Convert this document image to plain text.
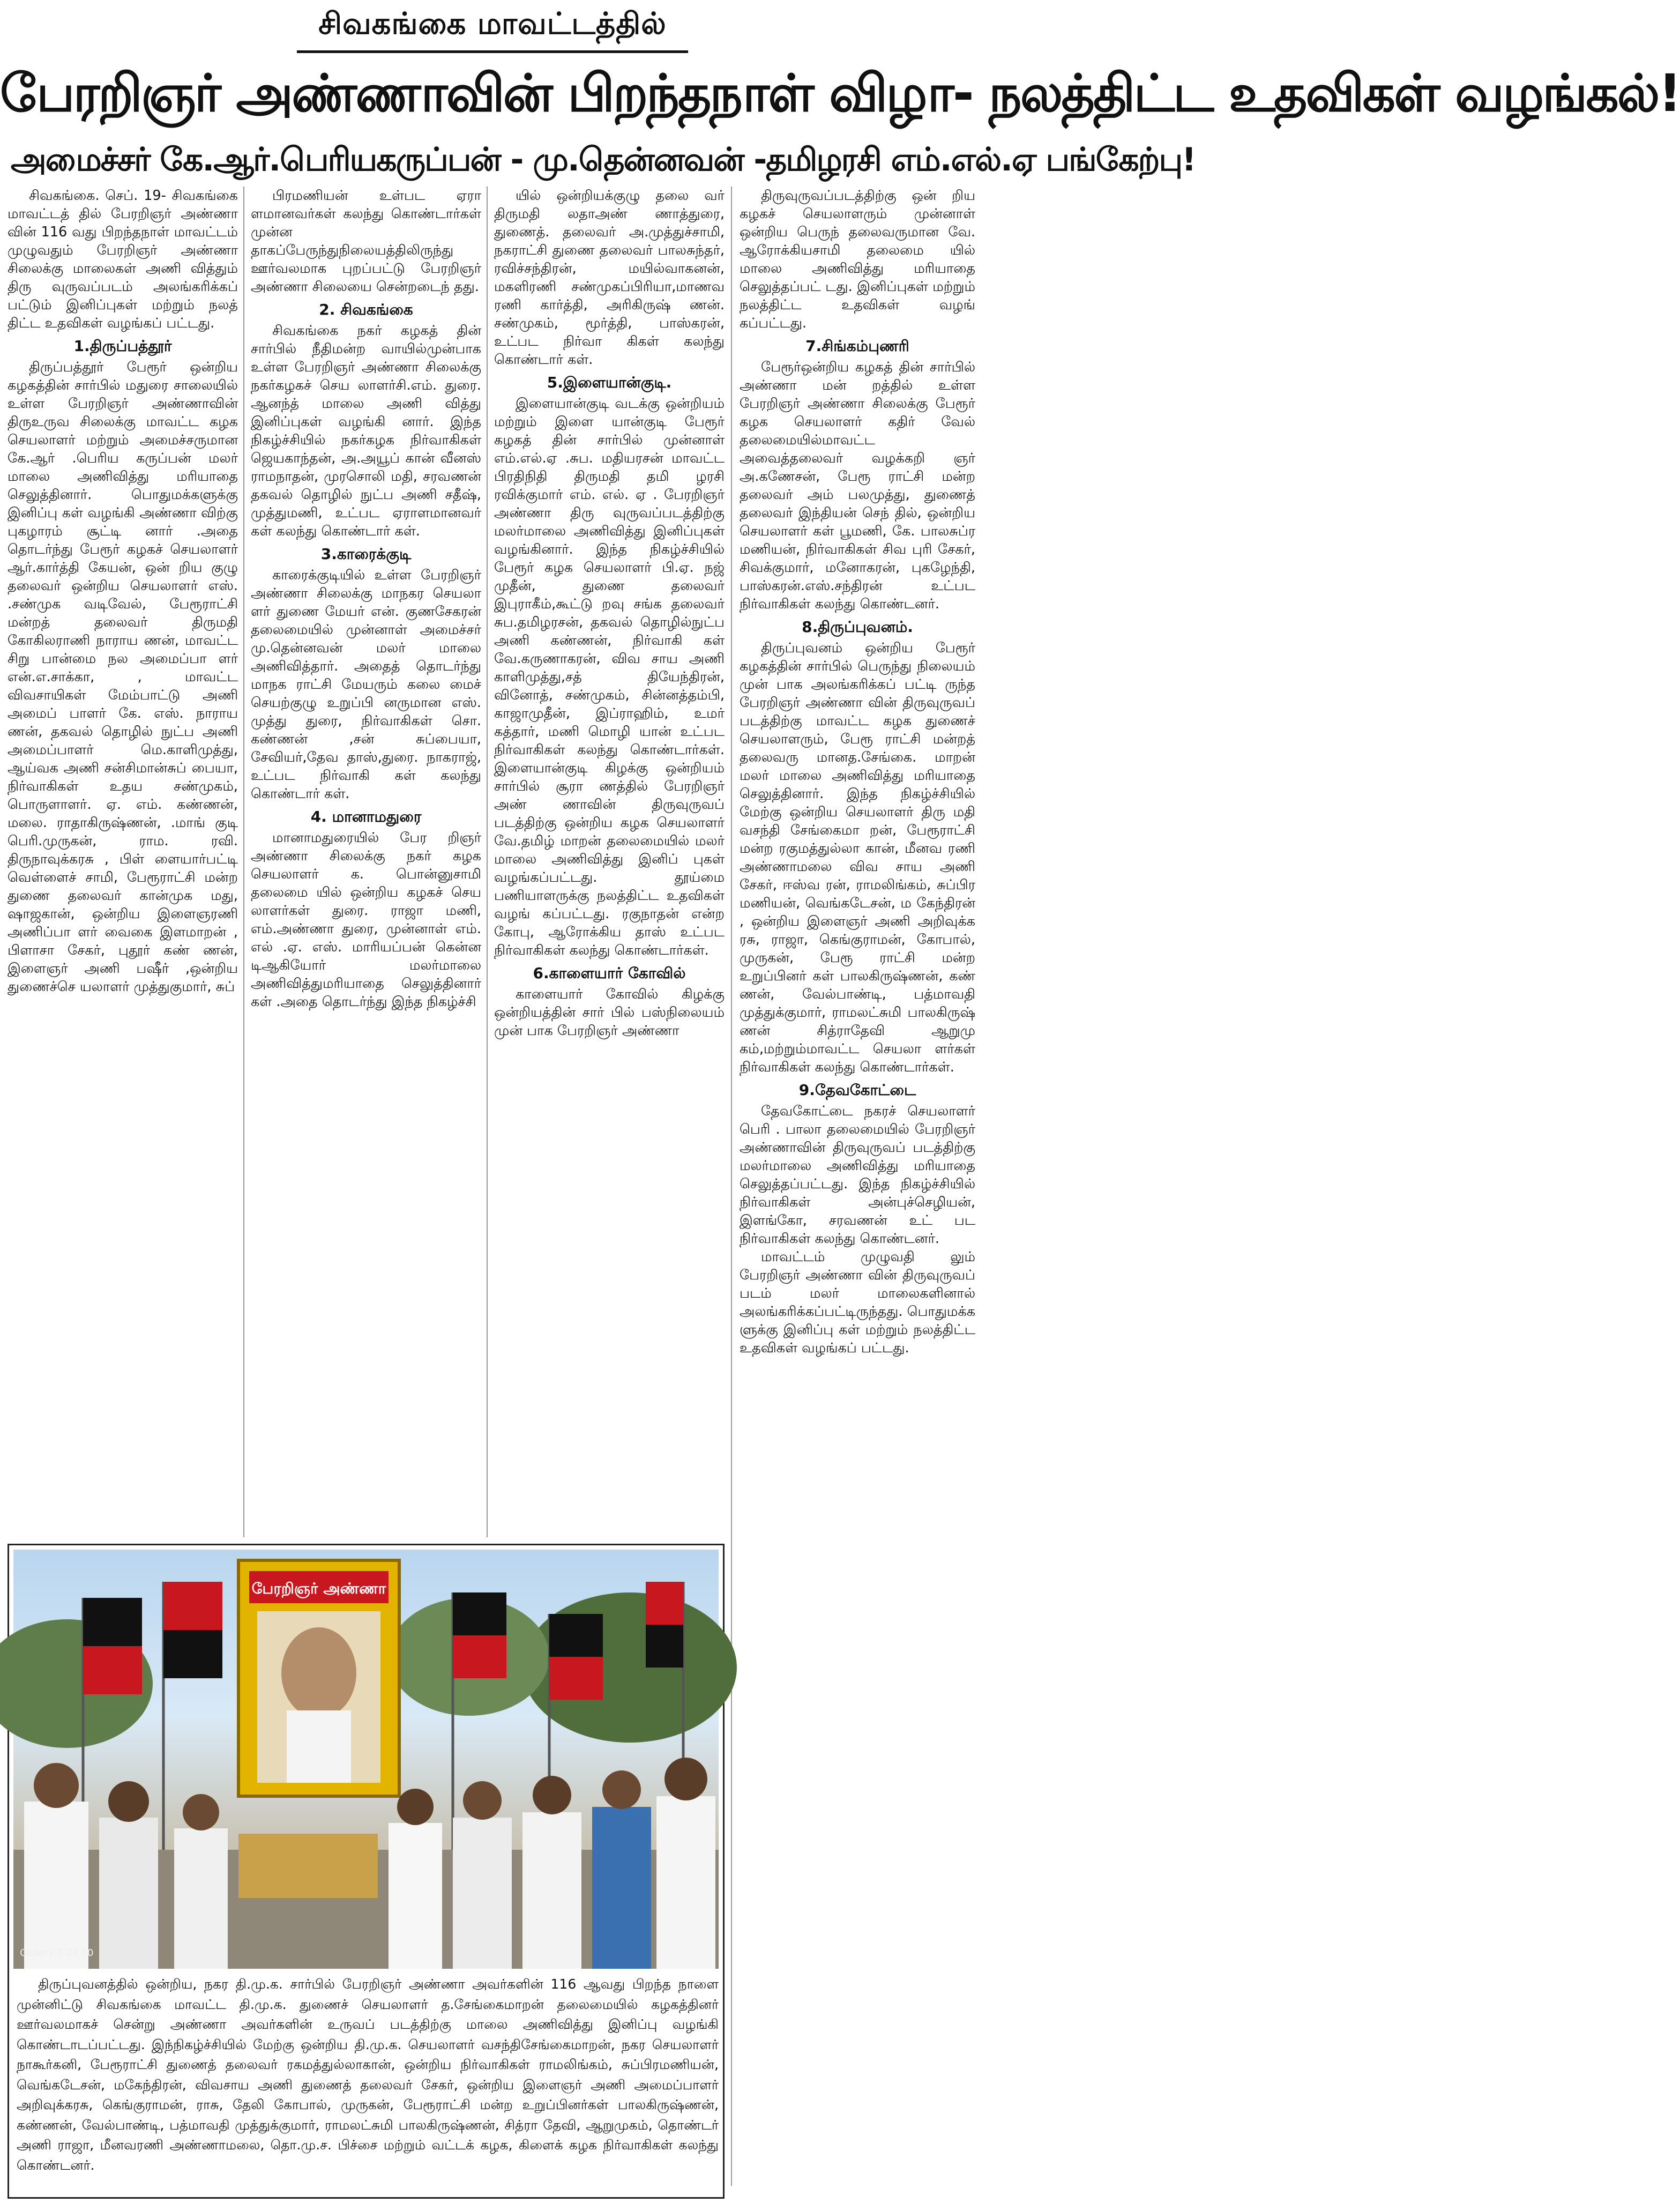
சிவகங்கை மாவட்டத்தில்
பேரறிஞர் அண்ணாவின் பிறந்தநாள் விழா- நலத்திட்ட உதவிகள் வழங்கல்!
அமைச்சர் கே.ஆர்.பெரியகருப்பன் - மு.தென்னவன் - தமிழரசி எம்.எல்.ஏ பங்கேற்பு!

சிவகங்கை. செப். 19- சிவகங்கை மாவட்டத் தில் பேரறிஞர் அண்ணா வின் 116 வது பிறந்தநாள் மாவட்டம் முழுவதும் பேரறிஞர் அண்ணா சிலைக்கு மாலைகள் அணி வித்தும் திரு வுருவப்படம் அலங்கரிக்கப் பட்டும் இனிப்புகள் மற்றும் நலத் திட்ட உதவிகள் வழங்கப் பட்டது.

1.திருப்பத்தூர்

திருப்பத்தூர் பேரூர் ஒன்றிய கழகத்தின் சார்பில் மதுரை சாலையில் உள்ள பேரறிஞர் அண்ணாவின் திருஉருவ சிலைக்கு மாவட்ட கழக செயலாளர் மற்றும் அமைச்சருமான கே.ஆர் .பெரிய கருப்பன் மலர் மாலை அணிவித்து மரியாதை செலுத்தினார். பொதுமக்களுக்கு இனிப்பு கள் வழங்கி அண்ணா விற்கு புகழாரம் சூட்டி னார் .அதை தொடர்ந்து பேரூர் கழகச் செயலாளர் ஆர்.கார்த்தி கேயன், ஒன் றிய குழு தலைவர் ஒன்றிய செயலாளர் எஸ். .சண்முக வடிவேல், பேரூராட்சி மன்றத் தலைவர் திருமதி கோகிலராணி நாராய ணன், மாவட்ட சிறு பான்மை நல அமைப்பா ளர் என்.எ.சாக்கா, , மாவட்ட விவசாயிகள் மேம்பாட்டு அணி அமைப் பாளர் கே. எஸ். நாராய ணன், தகவல் தொழில் நுட்ப அணி அமைப்பாளர் மெ.காளிமுத்து, ஆய்வக அணி சன்சிமான்சுப் பையா, நிர்வாகிகள் உதய சண்முகம், பொருளாளர். ஏ. எம். கண்ணன், மலை. ராதாகிருஷ்ணன், .மாங் குடி பெரி.முருகன், ராம. ரவி. திருநாவுக்கரசு , பிள் ளையார்பட்டி வெள்ளைச் சாமி, பேரூராட்சி மன்ற துணை தலைவர் கான்முக மது, ஷாஜகான், ஒன்றிய இளைஞரணி அணிப்பா ளர் வைகை இளமாறன் , பிளாசா சேகர், புதூர் கண் ணன், இளைஞர் அணி பஷீர் ,ஒன்றிய துணைச்செ யலாளர் முத்துகுமார், சுப்

பிரமணியன் உள்பட ஏரா ளமானவர்கள் கலந்து கொண்டார்கள் முன்ன தாகப்பேருந்துநிலையத்திலிருந்து ஊர்வலமாக புறப்பட்டு பேரறிஞர் அண்ணா சிலையை சென்றடைந் தது.

2. சிவகங்கை

சிவகங்கை நகர் கழகத் தின் சார்பில் நீதிமன்ற வாயில்முன்பாக உள்ள பேரறிஞர் அண்ணா சிலைக்கு நகர்கழகச் செய லாளர்சி.எம். துரை. ஆனந்த் மாலை அணி வித்து இனிப்புகள் வழங்கி னார். இந்த நிகழ்ச்சியில் நகர்கழக நிர்வாகிகள் ஜெயகாந்தன், அ.அயூப் கான் வீனஸ் ராமநாதன், முரசொலி மதி, சரவணன் தகவல் தொழில் நுட்ப அணி சதீஷ், முத்துமணி, உட்பட ஏராளமானவர் கள் கலந்து கொண்டார் கள்.

3.காரைக்குடி

காரைக்குடியில் உள்ள பேரறிஞர் அண்ணா சிலைக்கு மாநகர செயலா ளர் துணை மேயர் என். குணசேகரன் தலைமையில் முன்னாள் அமைச்சர் மு.தென்னவன் மலர் மாலை அணிவித்தார். அதைத் தொடர்ந்து மாநக ராட்சி மேயரும் கலை மைச் செயற்குழு உறுப்பி னருமான எஸ். முத்து துரை, நிர்வாகிகள் சொ. கண்ணன் ,சன் சுப்பையா, சேவியர்,தேவ தாஸ்,துரை. நாகராஜ், உட்பட நிர்வாகி கள் கலந்து கொண்டார் கள்.

4. மானாமதுரை

மானாமதுரையில் பேர றிஞர் அண்ணா சிலைக்கு நகர் கழக செயலாளர் க. பொன்னுசாமி தலைமை யில் ஒன்றிய கழகச் செய லாளர்கள் துரை. ராஜா மணி, எம்.அண்ணா துரை, முன்னாள் எம். எல் .ஏ. எஸ். மாரியப்பன் கென்ன டிஆகியோர் மலர்மாலை அணிவித்துமரியாதை செலுத்தினார் கள் .அதை தொடர்ந்து இந்த நிகழ்ச்சி

யில் ஒன்றியக்குழு தலை வர் திருமதி லதாஅண் ணாத்துரை, துணைத். தலைவர் அ.முத்துச்சாமி, நகராட்சி துணை தலைவர் பாலசுந்தர், ரவிச்சந்திரன், மயில்வாகனன், மகளிரணி சண்முகப்பிரியா,மாணவ ரணி கார்த்தி, அரிகிருஷ் ணன். சண்முகம், மூர்த்தி, பாஸ்கரன், உட்பட நிர்வா கிகள் கலந்து கொண்டார் கள்.

5.இளையான்குடி.

இளையான்குடி வடக்கு ஒன்றியம் மற்றும் இளை யான்குடி பேரூர் கழகத் தின் சார்பில் முன்னாள் எம்.எல்.ஏ .சுப. மதியரசன் மாவட்ட பிரதிநிதி திருமதி தமி ழரசி ரவிக்குமார் எம். எல். ஏ . பேரறிஞர் அண்ணா திரு வுருவப்படத்திற்கு மலர்மாலை அணிவித்து இனிப்புகள் வழங்கினார். இந்த நிகழ்ச்சியில் பேரூர் கழக செயலாளர் பி.ஏ. நஜ் முதீன், துணை தலைவர் இபுராகீம்,கூட்டு றவு சங்க தலைவர் சுப.தமிழரசன், தகவல் தொழில்நுட்ப அணி கண்ணன், நிர்வாகி கள் வே.கருணாகரன், விவ சாய அணி காளிமுத்து,சத் தியேந்திரன், வினோத், சண்முகம், சின்னத்தம்பி, காஜாமுதீன், இப்ராஹிம், உமர் கத்தார், மணி மொழி யான் உட்பட நிர்வாகிகள் கலந்து கொண்டார்கள். இளையான்குடி கிழக்கு ஒன்றியம் சார்பில் சூரா ணத்தில் பேரறிஞர் அண் ணாவின் திருவுருவப் படத்திற்கு ஒன்றிய கழக செயலாளர் வே.தமிழ் மாறன் தலைமையில் மலர் மாலை அணிவித்து இனிப் புகள் வழங்கப்பட்டது. தூய்மை பணியாளருக்கு நலத்திட்ட உதவிகள் வழங் கப்பட்டது. ரகுநாதன் என்ற கோபு, ஆரோக்கிய தாஸ் உட்பட நிர்வாகிகள் கலந்து கொண்டார்கள்.

6.காளையார் கோவில்

காளையார் கோவில் கிழக்கு ஒன்றியத்தின் சார் பில் பஸ்நிலையம் முன் பாக பேரறிஞர் அண்ணா

திருவுருவப்படத்திற்கு ஒன் றிய கழகச் செயலாளரும் முன்னாள் ஒன்றிய பெருந் தலைவருமான வே. ஆரோக்கியசாமி தலைமை யில் மாலை அணிவித்து மரியாதை செலுத்தப்பட் டது. இனிப்புகள் மற்றும் நலத்திட்ட உதவிகள் வழங் கப்பட்டது.

7.சிங்கம்புணரி

பேரூர்ஒன்றிய கழகத் தின் சார்பில் அண்ணா மன் றத்தில் உள்ள பேரறிஞர் அண்ணா சிலைக்கு பேரூர் கழக செயலாளர் கதிர் வேல் தலைமையில்மாவட்ட அவைத்தலைவர் வழக்கறி ஞர் அ.கணேசன், பேரூ ராட்சி மன்ற தலைவர் அம் பலமுத்து, துணைத் தலைவர் இந்தியன் செந் தில், ஒன்றிய செயலாளர் கள் பூமணி, கே. பாலசுப்ர மணியன், நிர்வாகிகள் சிவ புரி சேகர், சிவக்குமார், மனோகரன், புகழேந்தி, பாஸ்கரன்.எஸ்.சந்திரன் உட்பட நிர்வாகிகள் கலந்து கொண்டனர்.

8.திருப்புவனம்.

திருப்புவனம் ஒன்றிய பேரூர் கழகத்தின் சார்பில் பெருந்து நிலையம் முன் பாக அலங்கரிக்கப் பட்டி ருந்த பேரறிஞர் அண்ணா வின் திருவுருவப் படத்திற்கு மாவட்ட கழக துணைச் செயலாளரும், பேரூ ராட்சி மன்றத் தலைவரு மானத.சேங்கை. மாறன் மலர் மாலை அணிவித்து மரியாதை செலுத்தினார். இந்த நிகழ்ச்சியில் மேற்கு ஒன்றிய செயலாளர் திரு மதி வசந்தி சேங்கைமா றன், பேரூராட்சி மன்ற ரகுமத்துல்லா கான், மீனவ ரணி அண்ணாமலை விவ சாய அணி சேகர், ஈஸ்வ ரன், ராமலிங்கம், சுப்பிர மணியன், வெங்கடேசன், ம கேந்திரன் , ஒன்றிய இளைஞர் அணி அறிவுக்க ரசு, ராஜா, கெங்குராமன், கோபால், முருகன், பேரூ ராட்சி மன்ற உறுப்பினர் கள் பாலகிருஷ்ணன், கண் ணன், வேல்பாண்டி, பத்மாவதி முத்துக்குமார், ராமலட்சுமி பாலகிருஷ் ணன் சித்ராதேவி ஆறுமு கம்,மற்றும்மாவட்ட செயலா ளர்கள் நிர்வாகிகள் கலந்து கொண்டார்கள்.

9.தேவகோட்டை

தேவகோட்டை நகரச் செயலாளர் பெரி . பாலா தலைமையில் பேரறிஞர் அண்ணாவின் திருவுருவப் படத்திற்கு மலர்மாலை அணிவித்து மரியாதை செலுத்தப்பட்டது. இந்த நிகழ்ச்சியில் நிர்வாகிகள் அன்புச்செழியன், இளங்கோ, சரவணன் உட் பட நிர்வாகிகள் கலந்து கொண்டனர்.

மாவட்டம் முழுவதி லும் பேரறிஞர் அண்ணா வின் திருவுருவப் படம் மலர் மாலைகளினால் அலங்கரிக்கப்பட்டிருந்தது. பொதுமக்க ளுக்கு இனிப்பு கள் மற்றும் நலத்திட்ட உதவிகள் வழங்கப் பட்டது.

பேரறிஞர் அண்ணா
Gallery F 24.50

திருப்புவனத்தில் ஒன்றிய, நகர தி.மு.க. சார்பில் பேரறிஞர் அண்ணா அவர்களின் 116 ஆவது பிறந்த நாளை முன்னிட்டு சிவகங்கை மாவட்ட தி.மு.க. துணைச் செயலாளர் த.சேங்கைமாறன் தலைமையில் கழகத்தினர் ஊர்வலமாகச் சென்று அண்ணா அவர்களின் உருவப் படத்திற்கு மாலை அணிவித்து இனிப்பு வழங்கி கொண்டாடப்பட்டது. இந்நிகழ்ச்சியில் மேற்கு ஒன்றிய தி.மு.க. செயலாளர் வசந்திசேங்கைமாறன், நகர செயலாளர் நாகூர்கனி, பேரூராட்சி துணைத் தலைவர் ரகமத்துல்லாகான், ஒன்றிய நிர்வாகிகள் ராமலிங்கம், சுப்பிரமணியன், வெங்கடேசன், மகேந்திரன், விவசாய அணி துணைத் தலைவர் சேகர், ஒன்றிய இளைஞர் அணி அமைப்பாளர் அறிவுக்கரசு, கெங்குராமன், ராசு, தேலி கோபால், முருகன், பேரூராட்சி மன்ற உறுப்பினர்கள் பாலகிருஷ்ணன், கண்ணன், வேல்பாண்டி, பத்மாவதி முத்துக்குமார், ராமலட்சுமி பாலகிருஷ்ணன், சித்ரா தேவி, ஆறுமுகம், தொண்டர் அணி ராஜா, மீனவரணி அண்ணாமலை, தொ.மு.ச. பிச்சை மற்றும் வட்டக் கழக, கிளைக் கழக நிர்வாகிகள் கலந்து கொண்டனர்.
